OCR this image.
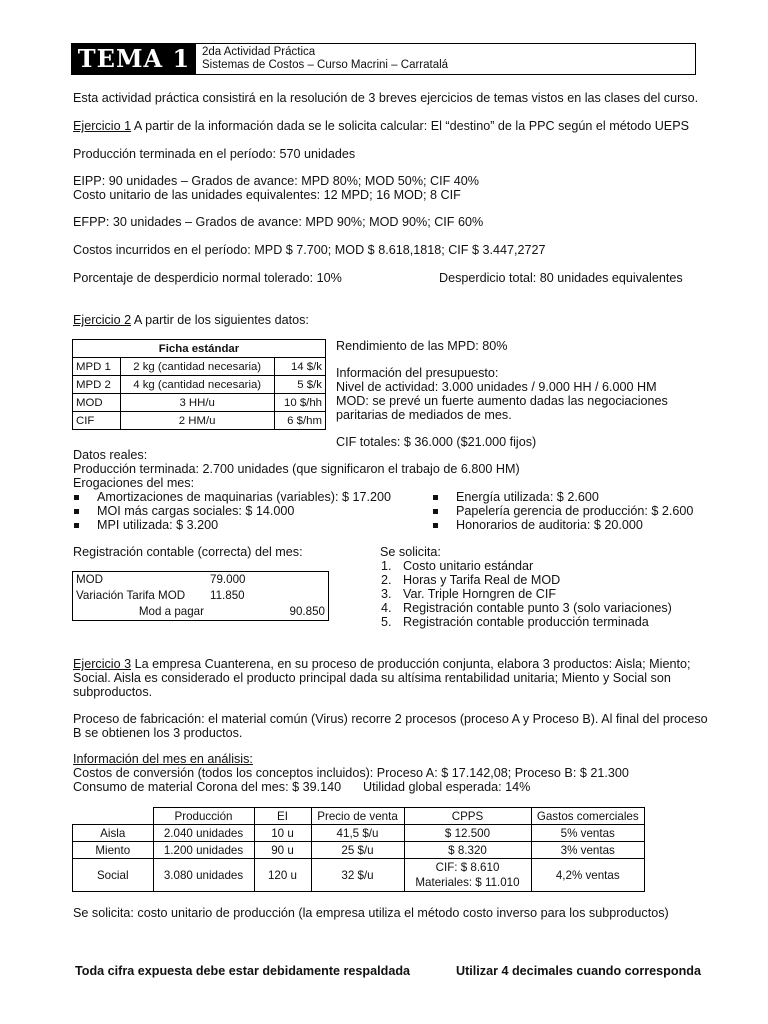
TEMA 1	2da Actividad Práctica
Sistemas de Costos – Curso Macrini – Carratalá
Esta actividad práctica consistirá en la resolución de 3 breves ejercicios de temas vistos en las clases del curso.
Ejercicio 1 A partir de la información dada se le solicita calcular: El “destino” de la PPC según el método UEPS
Producción terminada en el período: 570 unidades
EIPP: 90 unidades – Grados de avance: MPD 80%; MOD 50%; CIF 40%
Costo unitario de las unidades equivalentes: 12 MPD; 16 MOD; 8 CIF
EFPP: 30 unidades – Grados de avance: MPD 90%; MOD 90%; CIF 60%
Costos incurridos en el período: MPD $ 7.700; MOD $ 8.618,1818; CIF $ 3.447,2727
Porcentaje de desperdicio normal tolerado: 10%	Desperdicio total: 80 unidades equivalentes
Ejercicio 2 A partir de los siguientes datos:
Ficha estándar		
MPD 1	2 kg (cantidad necesaria)	14 $/k
MPD 2	4 kg (cantidad necesaria)	5 $/k
MOD	3 HH/u	10 $/hh
CIF	2 HM/u	6 $/hm
Rendimiento de las MPD: 80%
Información del presupuesto:
Nivel de actividad: 3.000 unidades / 9.000 HH / 6.000 HM
MOD: se prevé un fuerte aumento dadas las negociaciones
paritarias de mediados de mes.
CIF totales: $ 36.000 ($21.000 fijos)
Datos reales:
Producción terminada: 2.700 unidades (que significaron el trabajo de 6.800 HM)
Erogaciones del mes:
Amortizaciones de maquinarias (variables): $ 17.200
MOI más cargas sociales: $ 14.000
MPI utilizada: $ 3.200
Energía utilizada: $ 2.600
Papelería gerencia de producción: $ 2.600
Honorarios de auditoria: $ 20.000
Registración contable (correcta) del mes:
MOD	79.000	
Variación Tarifa MOD	11.850	
Mod a pagar		90.850
Se solicita:
1. Costo unitario estándar
2. Horas y Tarifa Real de MOD
3. Var. Triple Horngren de CIF
4. Registración contable punto 3 (solo variaciones)
5. Registración contable producción terminada
Ejercicio 3 La empresa Cuanterena, en su proceso de producción conjunta, elabora 3 productos: Aisla; Miento;
Social. Aisla es considerado el producto principal dada su altísima rentabilidad unitaria; Miento y Social son
subproductos.
Proceso de fabricación: el material común (Virus) recorre 2 procesos (proceso A y Proceso B). Al final del proceso
B se obtienen los 3 productos.
Información del mes en análisis:
Costos de conversión (todos los conceptos incluidos): Proceso A: $ 17.142,08; Proceso B: $ 21.300
Consumo de material Corona del mes: $ 39.140 Utilidad global esperada: 14%
	Producción	EI	Precio de venta	CPPS	Gastos comerciales
Aisla	2.040 unidades	10 u	41,5 $/u	$ 12.500	5% ventas
Miento	1.200 unidades	90 u	25 $/u	$ 8.320	3% ventas
Social	3.080 unidades	120 u	32 $/u	CIF: $ 8.610
Materiales: $ 11.010	4,2% ventas
Se solicita: costo unitario de producción (la empresa utiliza el método costo inverso para los subproductos)
Toda cifra expuesta debe estar debidamente respaldada	Utilizar 4 decimales cuando corresponda
